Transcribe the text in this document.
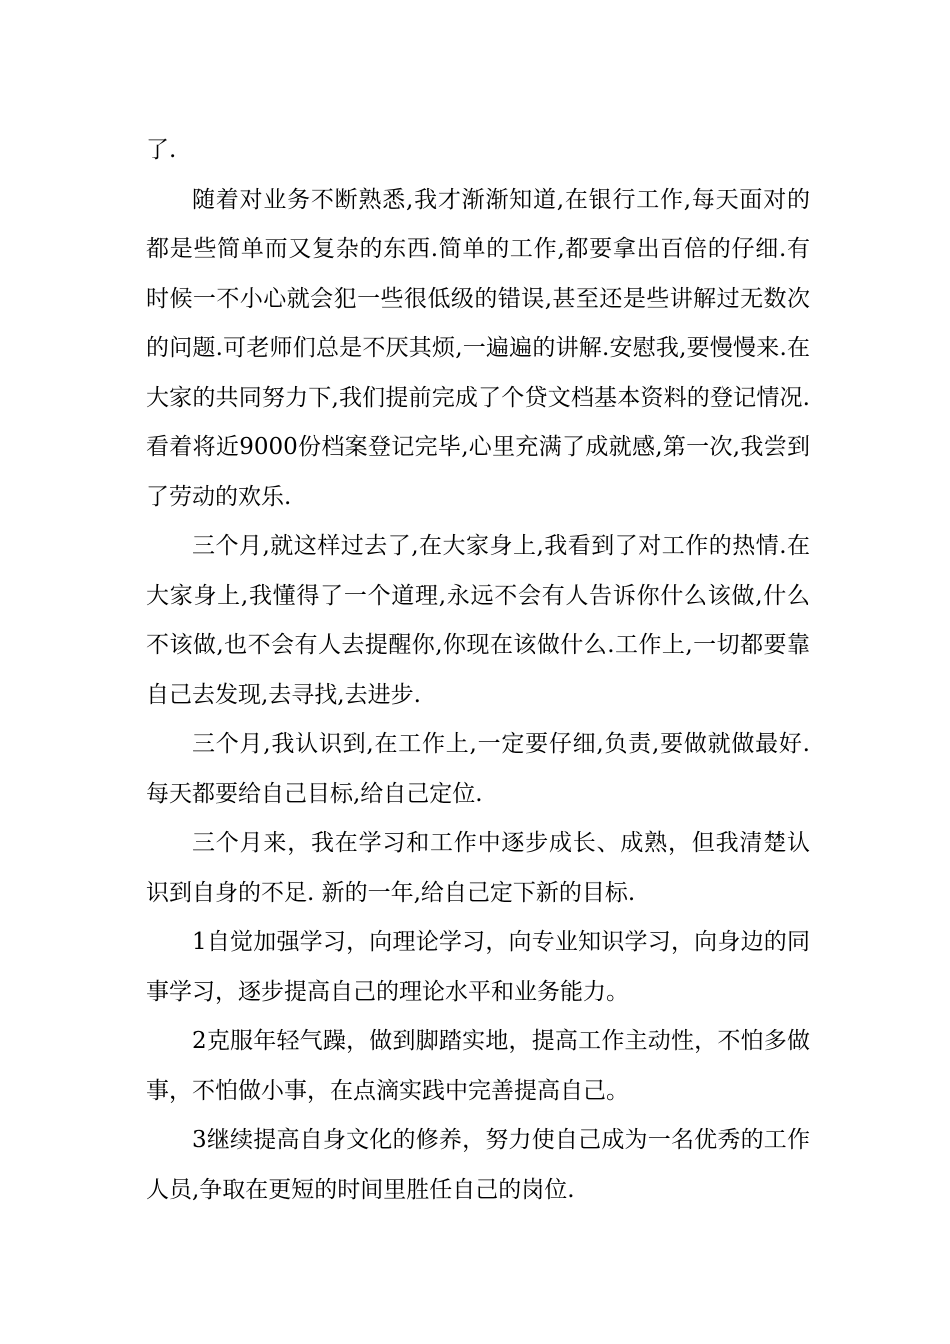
了.

随着对业务不断熟悉,我才渐渐知道,在银行工作,每天面对的都是些简单而又复杂的东西.简单的工作,都要拿出百倍的仔细.有时候一不小心就会犯一些很低级的错误,甚至还是些讲解过无数次的问题.可老师们总是不厌其烦,一遍遍的讲解.安慰我,要慢慢来.在大家的共同努力下,我们提前完成了个贷文档基本资料的登记情况.看着将近9000份档案登记完毕,心里充满了成就感,第一次,我尝到了劳动的欢乐.

三个月,就这样过去了,在大家身上,我看到了对工作的热情.在大家身上,我懂得了一个道理,永远不会有人告诉你什么该做,什么不该做,也不会有人去提醒你,你现在该做什么.工作上,一切都要靠自己去发现,去寻找,去进步.

三个月,我认识到,在工作上,一定要仔细,负责,要做就做最好.每天都要给自己目标,给自己定位.

三个月来，我在学习和工作中逐步成长、成熟，但我清楚认识到自身的不足. 新的一年,给自己定下新的目标.

1自觉加强学习，向理论学习，向专业知识学习，向身边的同事学习，逐步提高自己的理论水平和业务能力。

2克服年轻气躁，做到脚踏实地，提高工作主动性，不怕多做事，不怕做小事，在点滴实践中完善提高自己。

3继续提高自身文化的修养，努力使自己成为一名优秀的工作人员,争取在更短的时间里胜任自己的岗位.
